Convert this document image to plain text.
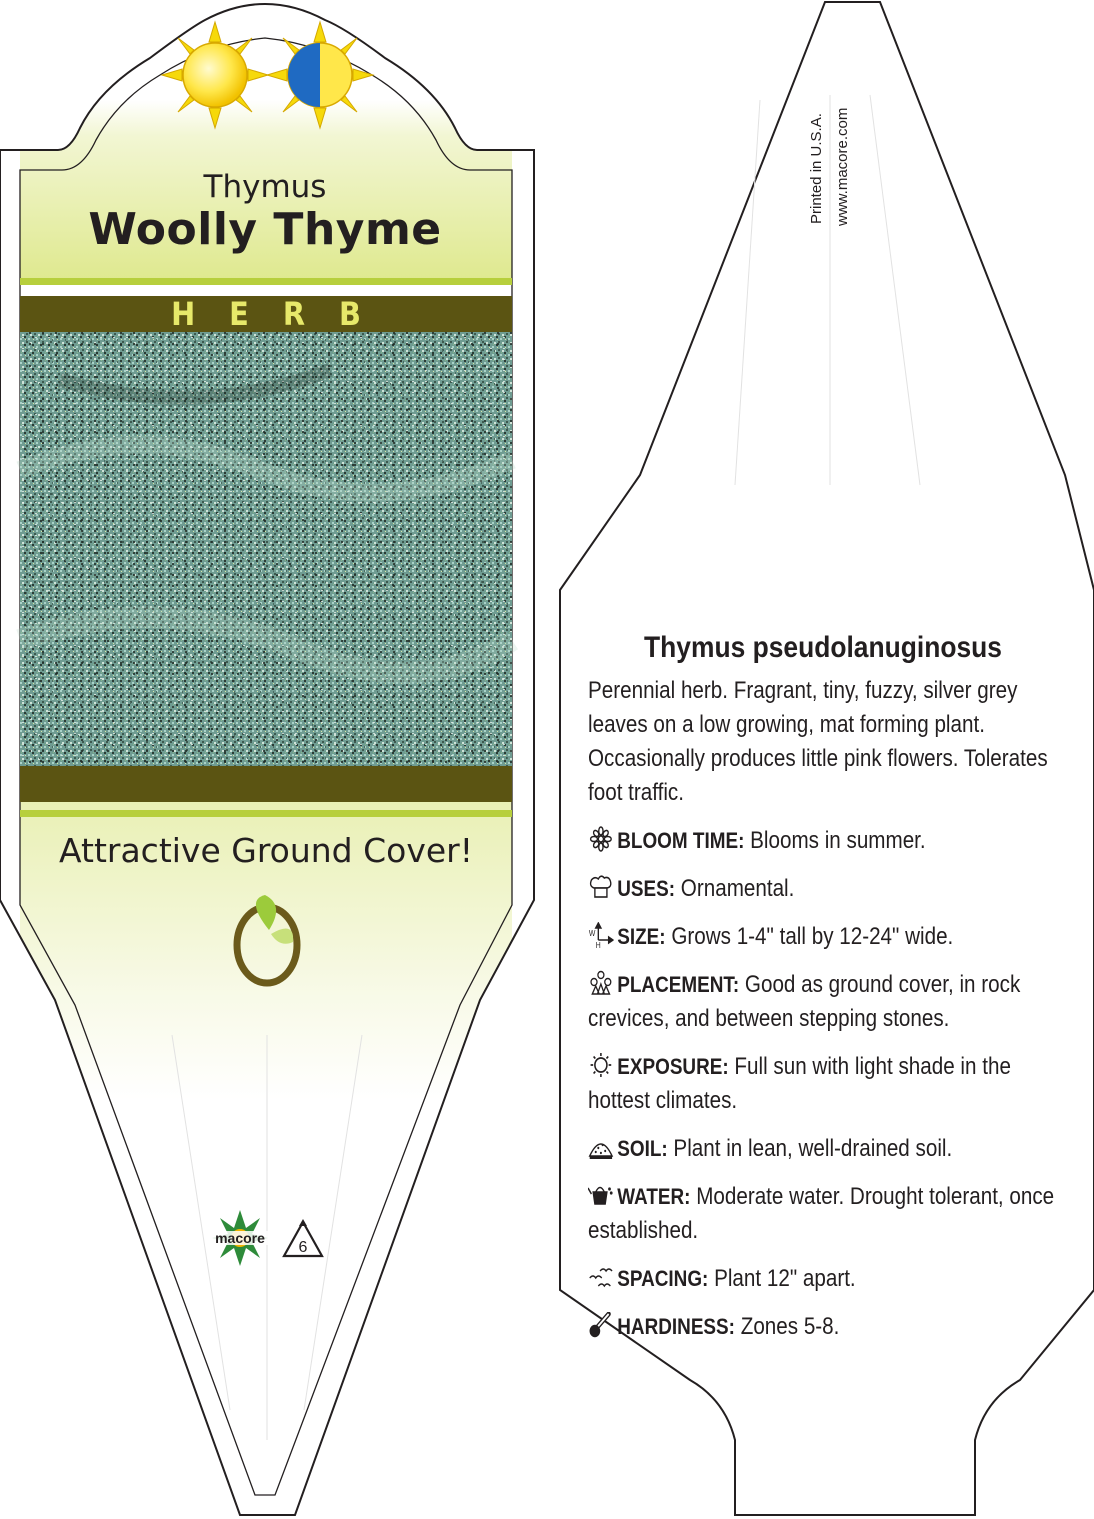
Thymus
Woolly Thyme
HERB
Attractive Ground Cover!
macore
6
Printed in U.S.A. www.macore.com
Thymus pseudolanuginosus

Perennial herb. Fragrant, tiny, fuzzy, silver grey leaves on a low growing, mat forming plant. Occasionally produces little pink flowers. Tolerates foot traffic.

BLOOM TIME: Blooms in summer.

USES: Ornamental.

W
H SIZE: Grows 1-4" tall by 12-24" wide.

PLACEMENT: Good as ground cover, in rock crevices, and between stepping stones.

EXPOSURE: Full sun with light shade in the hottest climates.

SOIL: Plant in lean, well-drained soil.

WATER: Moderate water. Drought tolerant, once established.

SPACING: Plant 12" apart.

HARDINESS: Zones 5-8.
